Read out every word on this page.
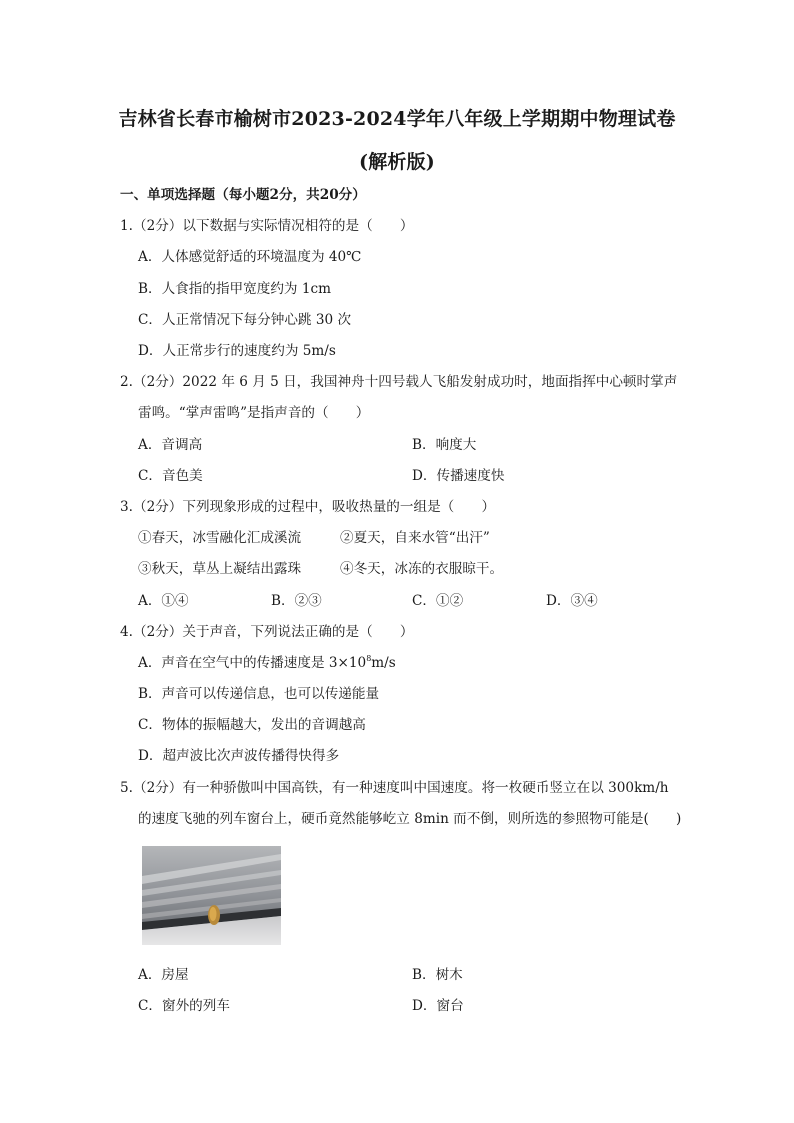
吉林省长春市榆树市2023-2024学年八年级上学期期中物理试卷
(解析版)
一、单项选择题（每小题2分，共20分）
1.（2分）以下数据与实际情况相符的是（　　）
A．人体感觉舒适的环境温度为 40℃
B．人食指的指甲宽度约为 1cm
C．人正常情况下每分钟心跳 30 次
D．人正常步行的速度约为 5m/s
2.（2分）2022 年 6 月 5 日，我国神舟十四号载人飞船发射成功时，地面指挥中心顿时掌声
雷鸣。“掌声雷鸣”是指声音的（　　）
A．音调高	B．响度大
C．音色美	D．传播速度快
3.（2分）下列现象形成的过程中，吸收热量的一组是（　　）
①春天，冰雪融化汇成溪流	②夏天，自来水管“出汗”
③秋天，草丛上凝结出露珠	④冬天，冰冻的衣服晾干。
A．①④	B．②③	C．①②	D．③④
4.（2分）关于声音，下列说法正确的是（　　）
A．声音在空气中的传播速度是 $3\times 10^8m/s$
B．声音可以传递信息，也可以传递能量
C．物体的振幅越大，发出的音调越高
D．超声波比次声波传播得快得多
5.（2分）有一种骄傲叫中国高铁，有一种速度叫中国速度。将一枚硬币竖立在以 300km/h
的速度飞驰的列车窗台上，硬币竟然能够屹立 8min 而不倒，则所选的参照物可能是(　　)
A．房屋	B．树木
C．窗外的列车	D．窗台
